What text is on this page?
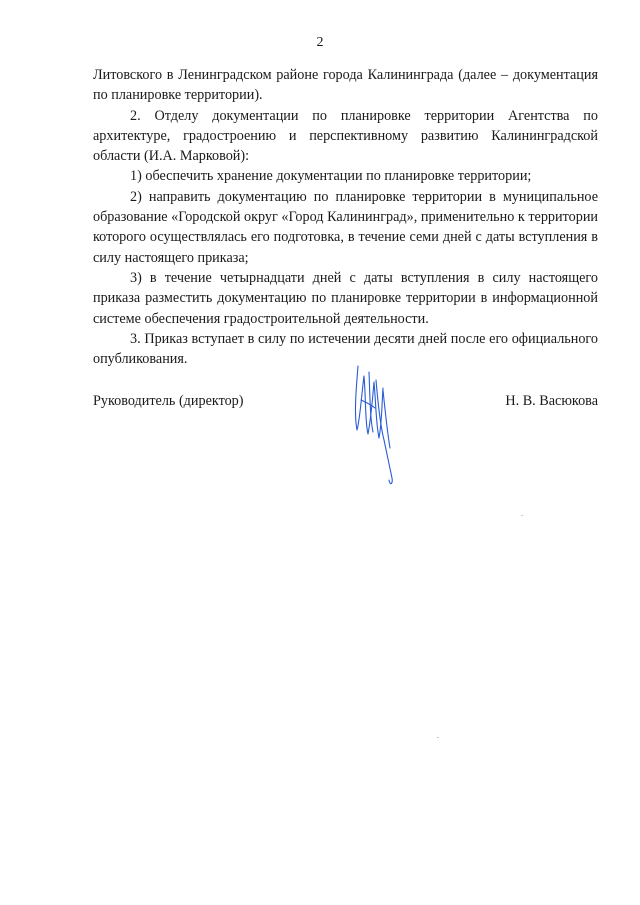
2

Литовского в Ленинградском районе города Калининграда (далее – документация по планировке территории).

2. Отделу документации по планировке территории Агентства по архитектуре, градостроению и перспективному развитию Калининградской области (И.А. Марковой):

1) обеспечить хранение документации по планировке территории;

2) направить документацию по планировке территории в муниципальное образование «Городской округ «Город Калининград», применительно к территории которого осуществлялась его подготовка, в течение семи дней с даты вступления в силу настоящего приказа;

3) в течение четырнадцати дней с даты вступления в силу настоящего приказа разместить документацию по планировке территории в информационной системе обеспечения градостроительной деятельности.

3. Приказ вступает в силу по истечении десяти дней после его официального опубликования.

Руководитель (директор)	Н. В. Васюкова
